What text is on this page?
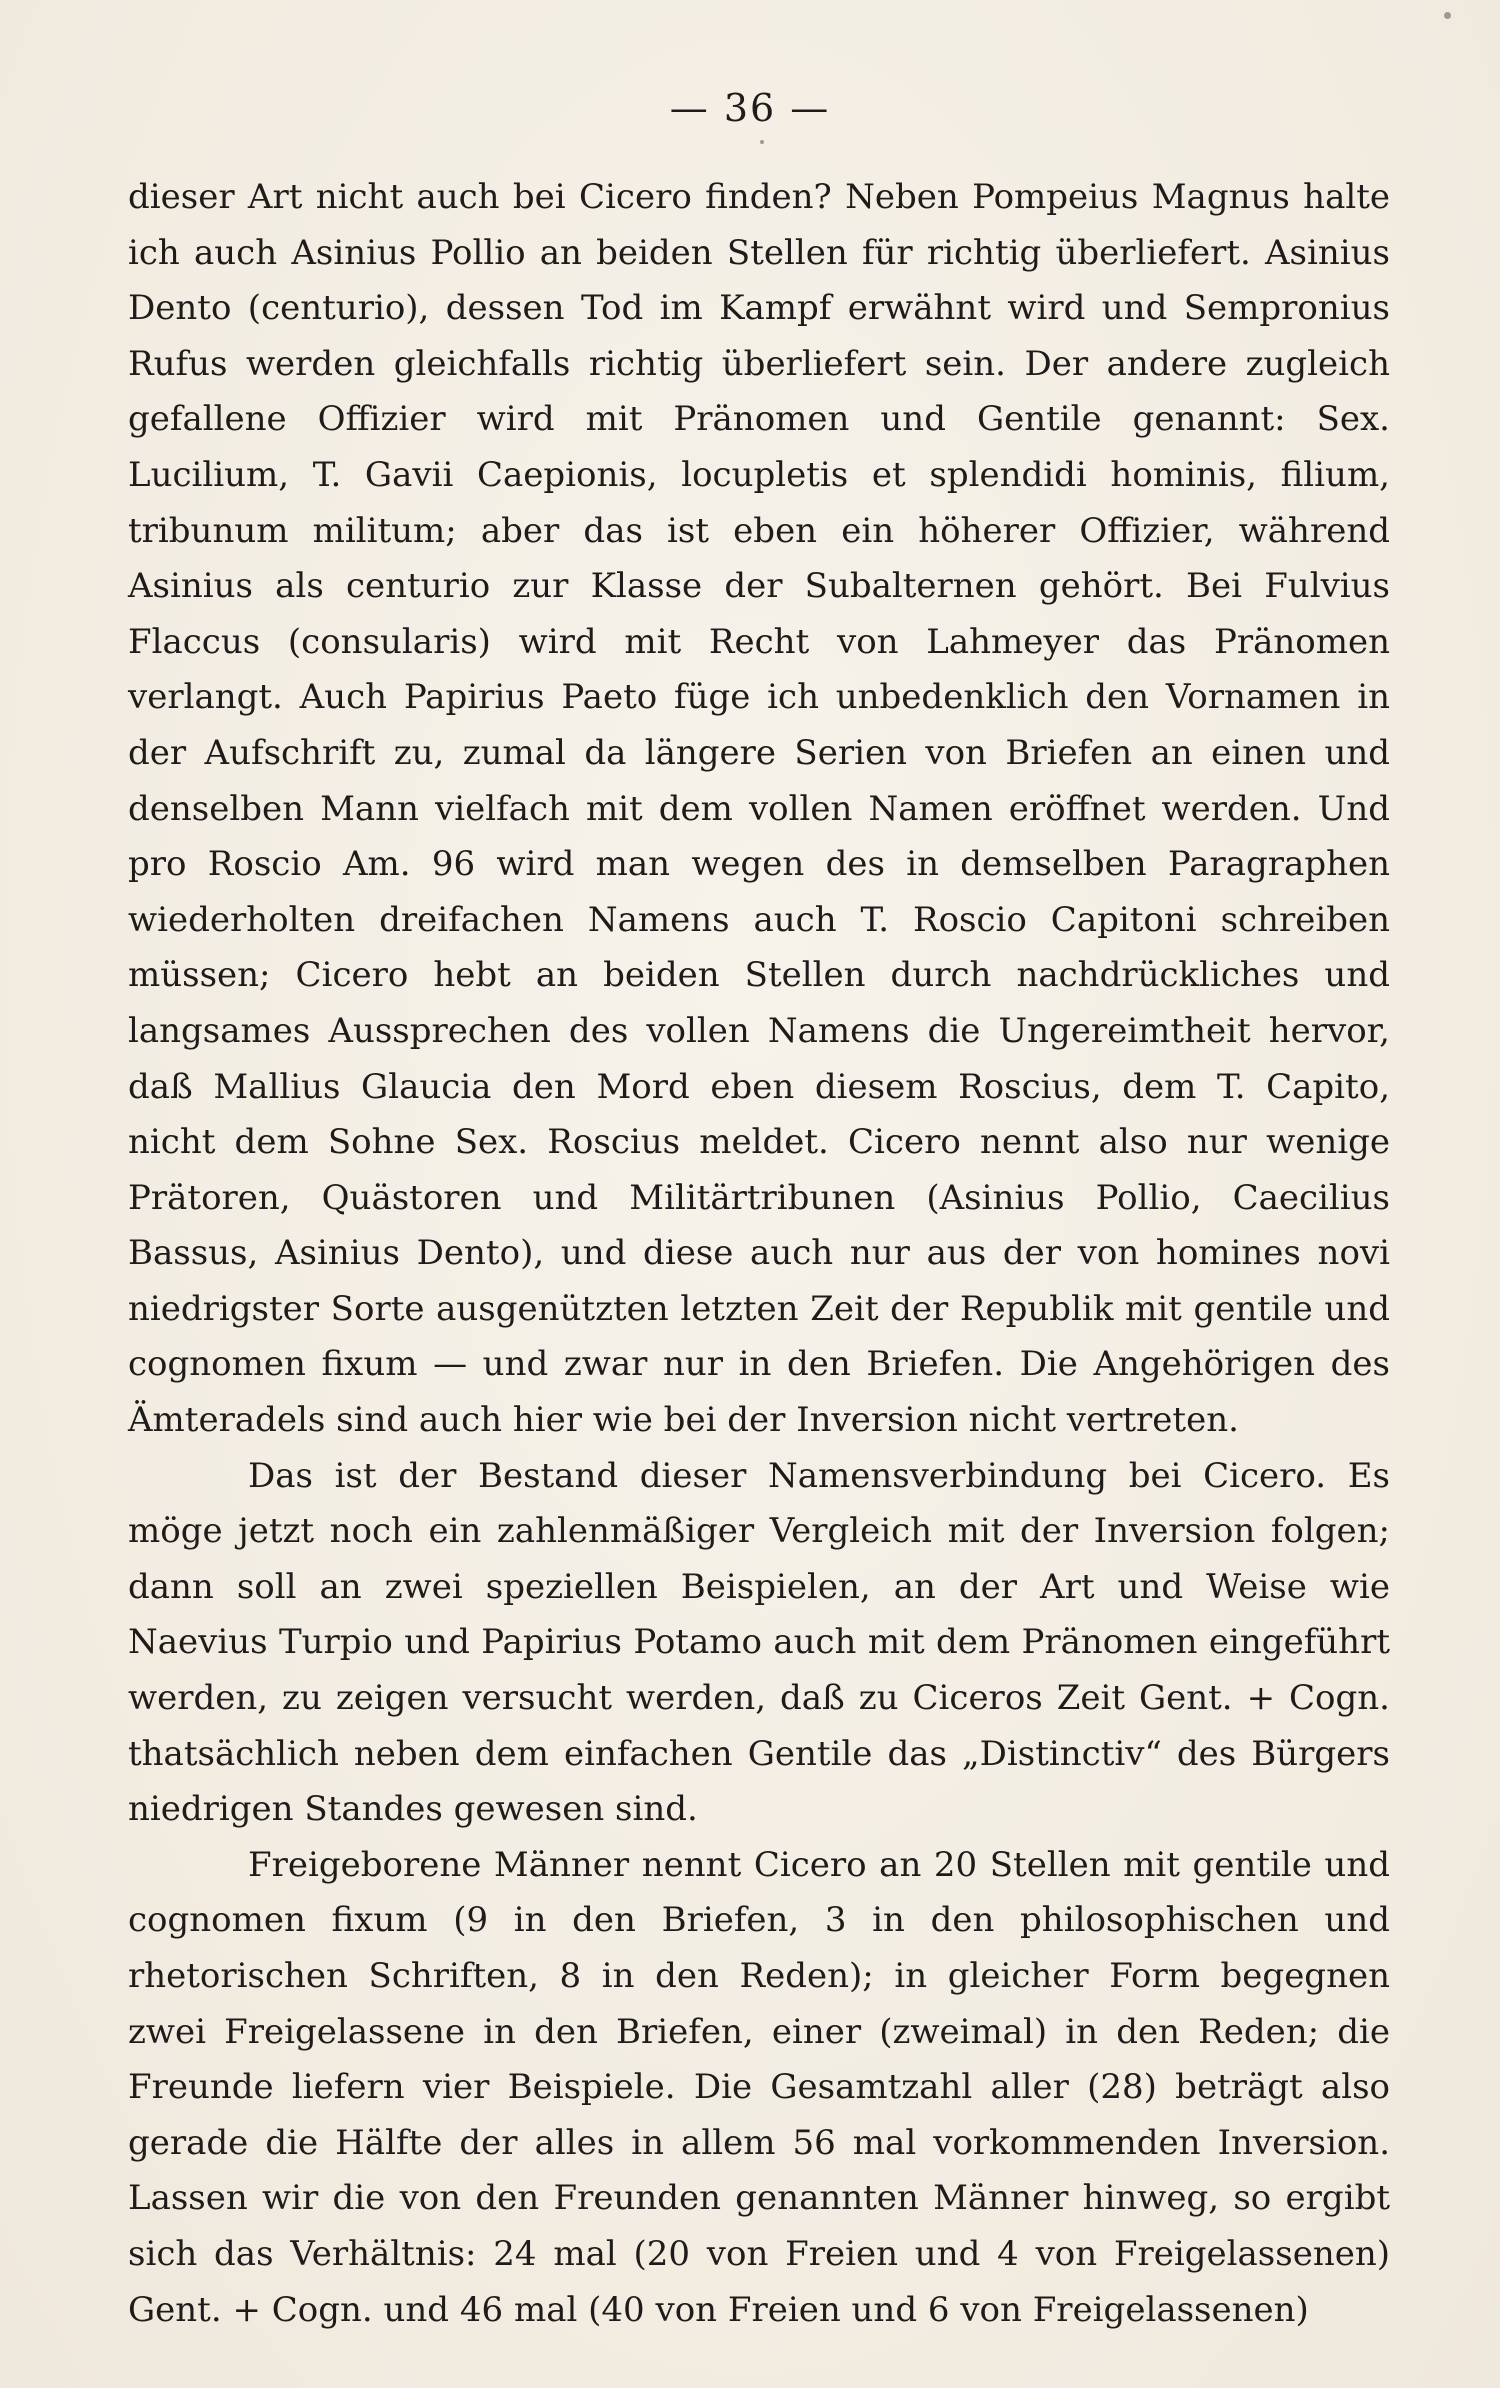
— 36 —

dieser Art nicht auch bei Cicero finden? Neben Pompeius Magnus halte ich auch Asinius Pollio an beiden Stellen für richtig überliefert. Asinius Dento (centurio), dessen Tod im Kampf erwähnt wird und Sempronius Rufus werden gleichfalls richtig überliefert sein. Der andere zugleich gefallene Offizier wird mit Pränomen und Gentile genannt: Sex. Lucilium, T. Gavii Caepionis, locupletis et splendidi hominis, filium, tribunum militum; aber das ist eben ein höherer Offizier, während Asinius als centurio zur Klasse der Subalternen gehört. Bei Fulvius Flaccus (consularis) wird mit Recht von Lahmeyer das Pränomen verlangt. Auch Papirius Paeto füge ich unbedenklich den Vornamen in der Aufschrift zu, zumal da längere Serien von Briefen an einen und denselben Mann vielfach mit dem vollen Namen eröffnet werden. Und pro Roscio Am. 96 wird man wegen des in demselben Paragraphen wiederholten dreifachen Namens auch T. Roscio Capitoni schreiben müssen; Cicero hebt an beiden Stellen durch nachdrückliches und langsames Aussprechen des vollen Namens die Ungereimtheit hervor, daß Mallius Glaucia den Mord eben diesem Roscius, dem T. Capito, nicht dem Sohne Sex. Roscius meldet. Cicero nennt also nur wenige Prätoren, Quästoren und Militärtribunen (Asinius Pollio, Caecilius Bassus, Asinius Dento), und diese auch nur aus der von homines novi niedrigster Sorte ausgenützten letzten Zeit der Republik mit gentile und cognomen fixum — und zwar nur in den Briefen. Die Angehörigen des Ämteradels sind auch hier wie bei der Inversion nicht vertreten.

Das ist der Bestand dieser Namensverbindung bei Cicero. Es möge jetzt noch ein zahlenmäßiger Vergleich mit der Inversion folgen; dann soll an zwei speziellen Beispielen, an der Art und Weise wie Naevius Turpio und Papirius Potamo auch mit dem Pränomen eingeführt werden, zu zeigen versucht werden, daß zu Ciceros Zeit Gent. + Cogn. thatsächlich neben dem einfachen Gentile das „Distinctiv“ des Bürgers niedrigen Standes gewesen sind.

Freigeborene Männer nennt Cicero an 20 Stellen mit gentile und cognomen fixum (9 in den Briefen, 3 in den philosophischen und rhetorischen Schriften, 8 in den Reden); in gleicher Form begegnen zwei Freigelassene in den Briefen, einer (zweimal) in den Reden; die Freunde liefern vier Beispiele. Die Gesamtzahl aller (28) beträgt also gerade die Hälfte der alles in allem 56 mal vorkommenden Inversion. Lassen wir die von den Freunden genannten Männer hinweg, so ergibt sich das Verhältnis: 24 mal (20 von Freien und 4 von Freigelassenen) Gent. + Cogn. und 46 mal (40 von Freien und 6 von Freigelassenen)
